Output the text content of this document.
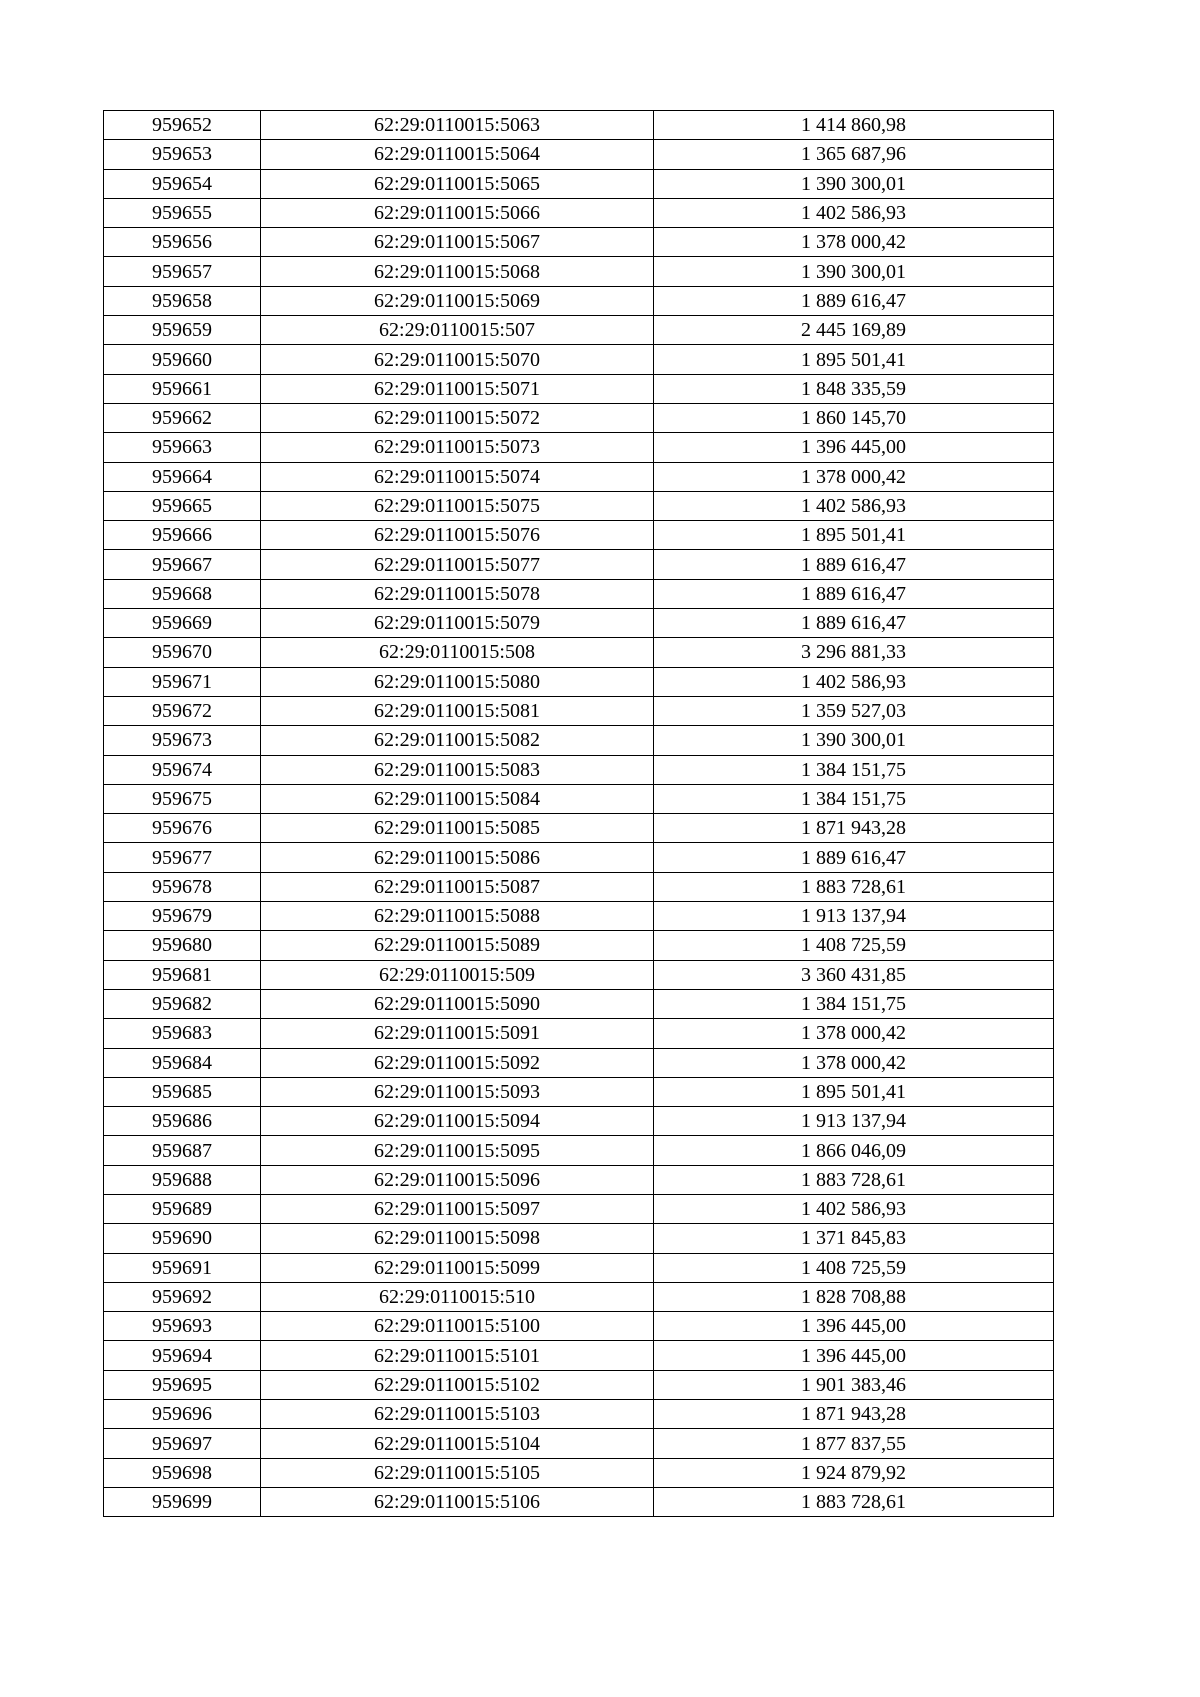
959652	62:29:0110015:5063	1 414 860,98
959653	62:29:0110015:5064	1 365 687,96
959654	62:29:0110015:5065	1 390 300,01
959655	62:29:0110015:5066	1 402 586,93
959656	62:29:0110015:5067	1 378 000,42
959657	62:29:0110015:5068	1 390 300,01
959658	62:29:0110015:5069	1 889 616,47
959659	62:29:0110015:507	2 445 169,89
959660	62:29:0110015:5070	1 895 501,41
959661	62:29:0110015:5071	1 848 335,59
959662	62:29:0110015:5072	1 860 145,70
959663	62:29:0110015:5073	1 396 445,00
959664	62:29:0110015:5074	1 378 000,42
959665	62:29:0110015:5075	1 402 586,93
959666	62:29:0110015:5076	1 895 501,41
959667	62:29:0110015:5077	1 889 616,47
959668	62:29:0110015:5078	1 889 616,47
959669	62:29:0110015:5079	1 889 616,47
959670	62:29:0110015:508	3 296 881,33
959671	62:29:0110015:5080	1 402 586,93
959672	62:29:0110015:5081	1 359 527,03
959673	62:29:0110015:5082	1 390 300,01
959674	62:29:0110015:5083	1 384 151,75
959675	62:29:0110015:5084	1 384 151,75
959676	62:29:0110015:5085	1 871 943,28
959677	62:29:0110015:5086	1 889 616,47
959678	62:29:0110015:5087	1 883 728,61
959679	62:29:0110015:5088	1 913 137,94
959680	62:29:0110015:5089	1 408 725,59
959681	62:29:0110015:509	3 360 431,85
959682	62:29:0110015:5090	1 384 151,75
959683	62:29:0110015:5091	1 378 000,42
959684	62:29:0110015:5092	1 378 000,42
959685	62:29:0110015:5093	1 895 501,41
959686	62:29:0110015:5094	1 913 137,94
959687	62:29:0110015:5095	1 866 046,09
959688	62:29:0110015:5096	1 883 728,61
959689	62:29:0110015:5097	1 402 586,93
959690	62:29:0110015:5098	1 371 845,83
959691	62:29:0110015:5099	1 408 725,59
959692	62:29:0110015:510	1 828 708,88
959693	62:29:0110015:5100	1 396 445,00
959694	62:29:0110015:5101	1 396 445,00
959695	62:29:0110015:5102	1 901 383,46
959696	62:29:0110015:5103	1 871 943,28
959697	62:29:0110015:5104	1 877 837,55
959698	62:29:0110015:5105	1 924 879,92
959699	62:29:0110015:5106	1 883 728,61
